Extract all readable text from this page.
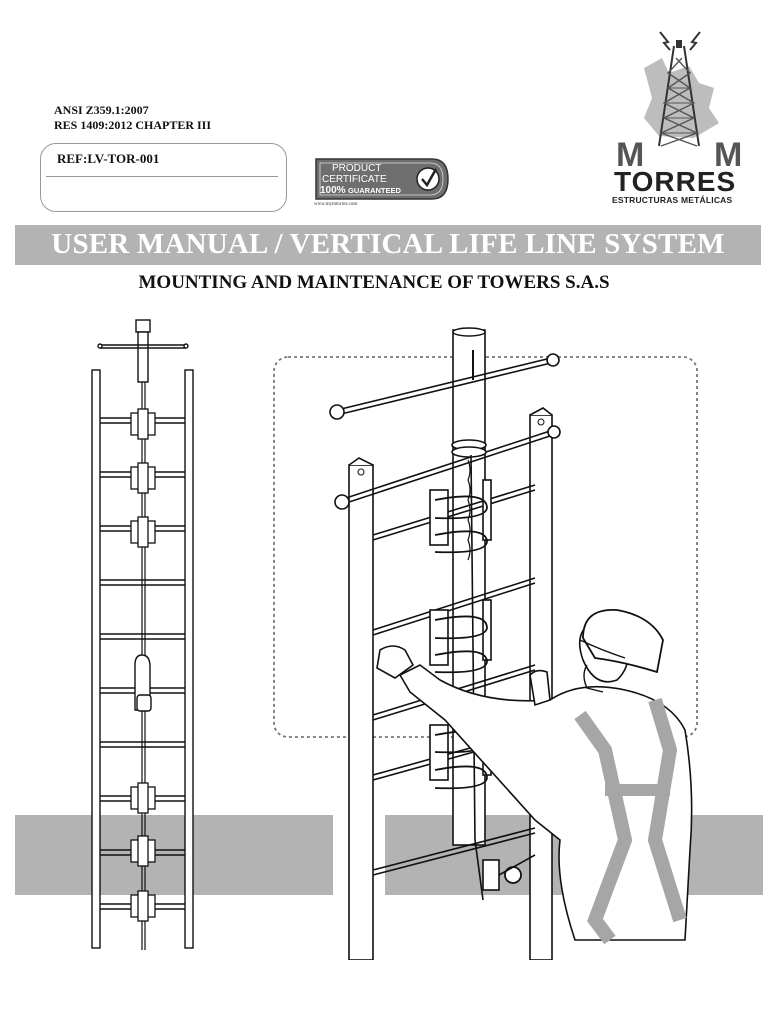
ANSI Z359.1:2007
RES 1409:2012 CHAPTER III
REF:LV-TOR-001
PRODUCT
CERTIFICATE
100% GUARANTEED
www.mymtorres.com
M M
TORRES
ESTRUCTURAS METÁLICAS
USER MANUAL / VERTICAL LIFE LINE SYSTEM
MOUNTING AND MAINTENANCE OF TOWERS S.A.S
